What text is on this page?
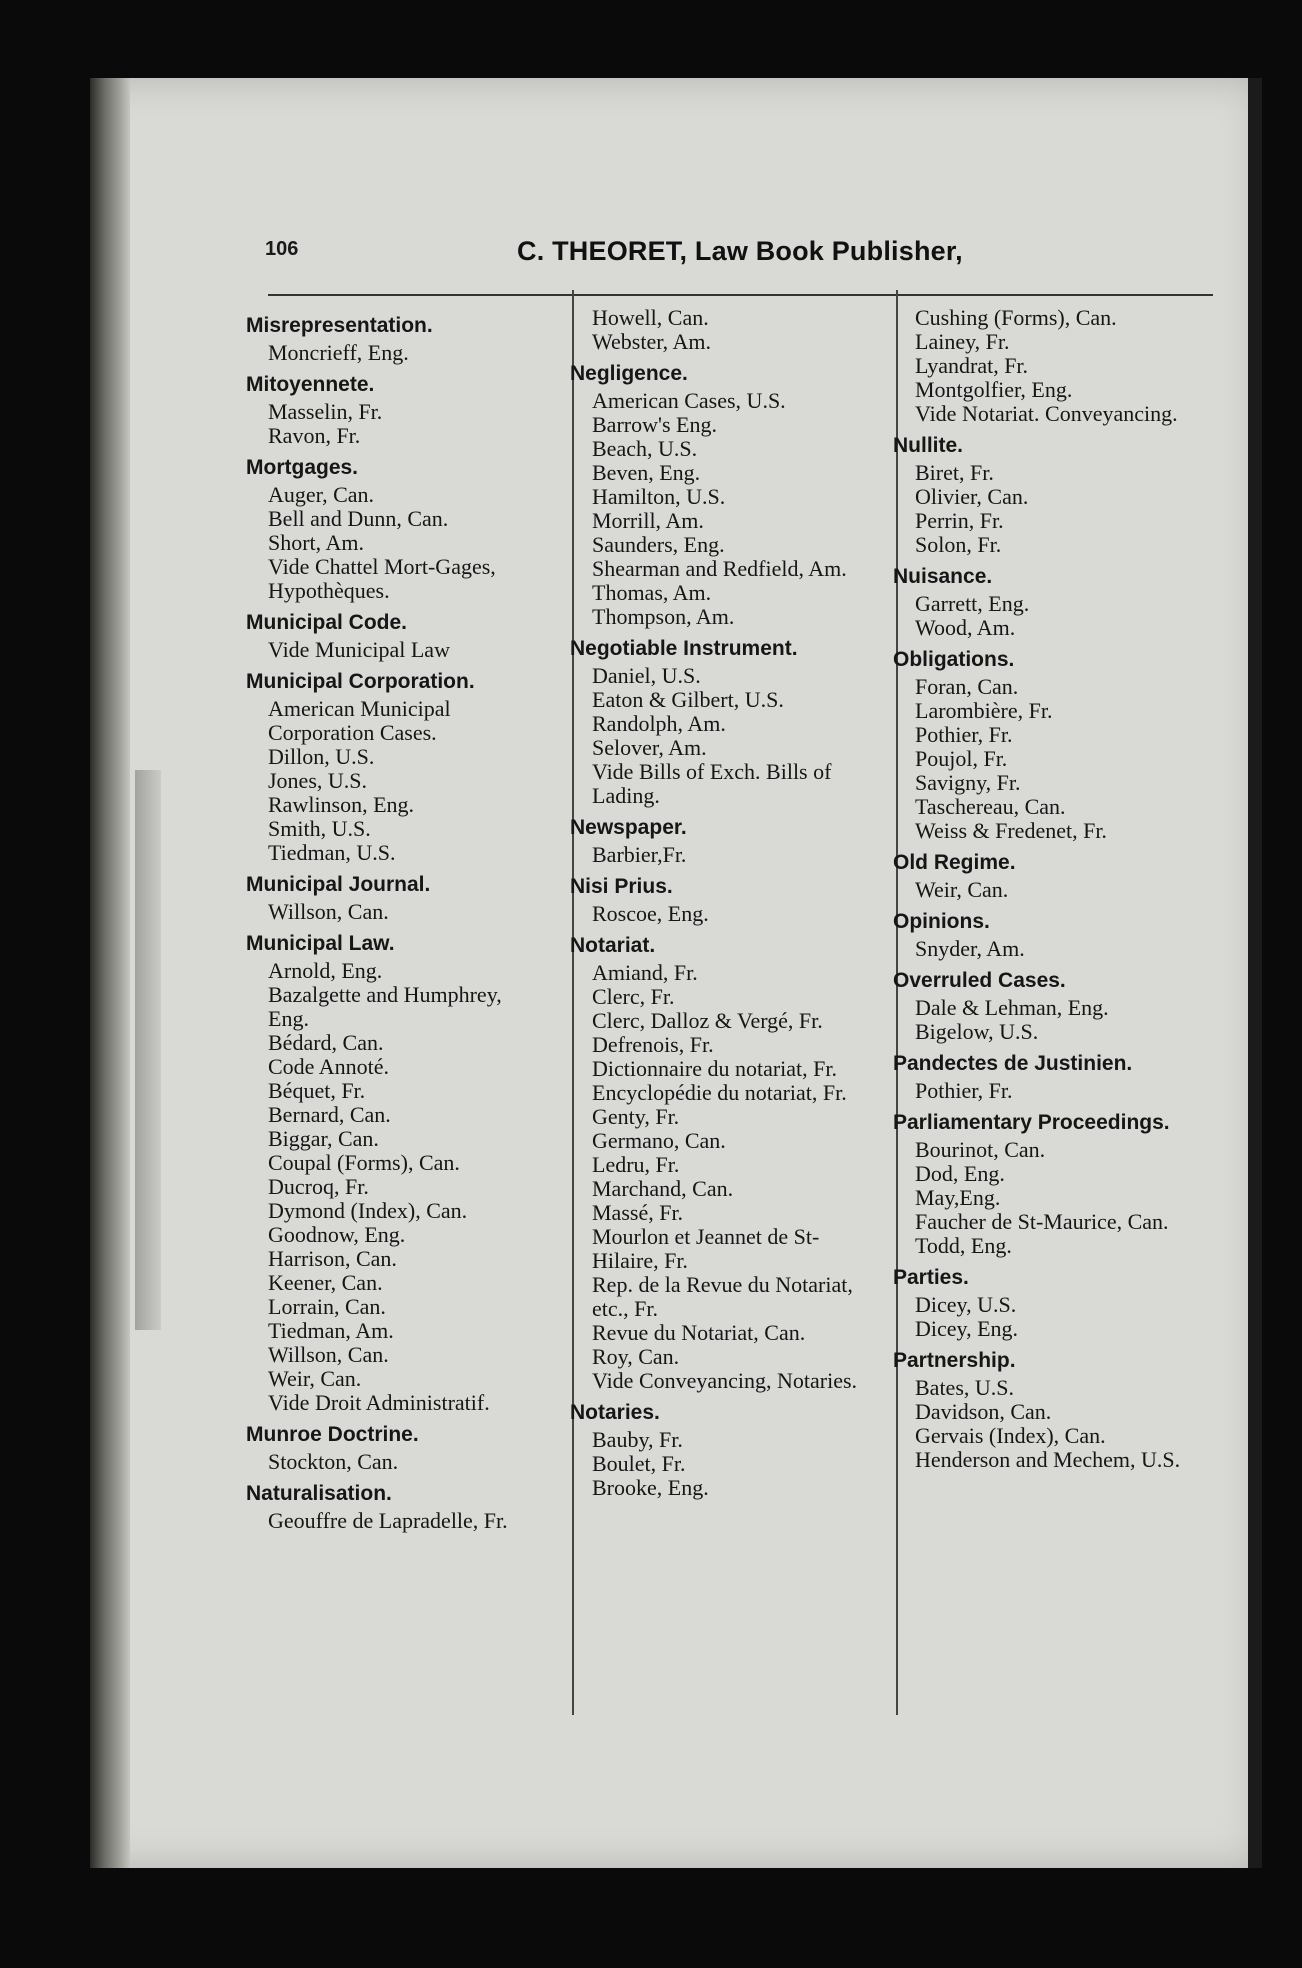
106	C. THEORET, Law Book Publisher,
Misrepresentation.
Moncrieff, Eng.
Mitoyennete.
Masselin, Fr.
Ravon, Fr.
Mortgages.
Auger, Can.
Bell and Dunn, Can.
Short, Am.
Vide Chattel Mort-Gages, Hypothèques.
Municipal Code.
Vide Municipal Law
Municipal Corporation.
American Municipal Corporation Cases.
Dillon, U.S.
Jones, U.S.
Rawlinson, Eng.
Smith, U.S.
Tiedman, U.S.
Municipal Journal.
Willson, Can.
Municipal Law.
Arnold, Eng.
Bazalgette and Humphrey, Eng.
Bédard, Can.
Code Annoté.
Béquet, Fr.
Bernard, Can.
Biggar, Can.
Coupal (Forms), Can.
Ducroq, Fr.
Dymond (Index), Can.
Goodnow, Eng.
Harrison, Can.
Keener, Can.
Lorrain, Can.
Tiedman, Am.
Willson, Can.
Weir, Can.
Vide Droit Administratif.
Munroe Doctrine.
Stockton, Can.
Naturalisation.
Geouffre de Lapradelle, Fr.
Howell, Can.
Webster, Am.
Negligence.
American Cases, U.S.
Barrow's Eng.
Beach, U.S.
Beven, Eng.
Hamilton, U.S.
Morrill, Am.
Saunders, Eng.
Shearman and Redfield, Am.
Thomas, Am.
Thompson, Am.
Negotiable Instrument.
Daniel, U.S.
Eaton & Gilbert, U.S.
Randolph, Am.
Selover, Am.
Vide Bills of Exch. Bills of Lading.
Newspaper.
Barbier,Fr.
Nisi Prius.
Roscoe, Eng.
Notariat.
Amiand, Fr.
Clerc, Fr.
Clerc, Dalloz & Vergé, Fr.
Defrenois, Fr.
Dictionnaire du notariat, Fr.
Encyclopédie du notariat, Fr.
Genty, Fr.
Germano, Can.
Ledru, Fr.
Marchand, Can.
Massé, Fr.
Mourlon et Jeannet de St-Hilaire, Fr.
Rep. de la Revue du Notariat, etc., Fr.
Revue du Notariat, Can.
Roy, Can.
Vide Conveyancing, Notaries.
Notaries.
Bauby, Fr.
Boulet, Fr.
Brooke, Eng.
Cushing (Forms), Can.
Lainey, Fr.
Lyandrat, Fr.
Montgolfier, Eng.
Vide Notariat. Conveyancing.
Nullite.
Biret, Fr.
Olivier, Can.
Perrin, Fr.
Solon, Fr.
Nuisance.
Garrett, Eng.
Wood, Am.
Obligations.
Foran, Can.
Larombière, Fr.
Pothier, Fr.
Poujol, Fr.
Savigny, Fr.
Taschereau, Can.
Weiss & Fredenet, Fr.
Old Regime.
Weir, Can.
Opinions.
Snyder, Am.
Overruled Cases.
Dale & Lehman, Eng.
Bigelow, U.S.
Pandectes de Justinien.
Pothier, Fr.
Parliamentary Proceedings.
Bourinot, Can.
Dod, Eng.
May,Eng.
Faucher de St-Maurice, Can.
Todd, Eng.
Parties.
Dicey, U.S.
Dicey, Eng.
Partnership.
Bates, U.S.
Davidson, Can.
Gervais (Index), Can.
Henderson and Mechem, U.S.
